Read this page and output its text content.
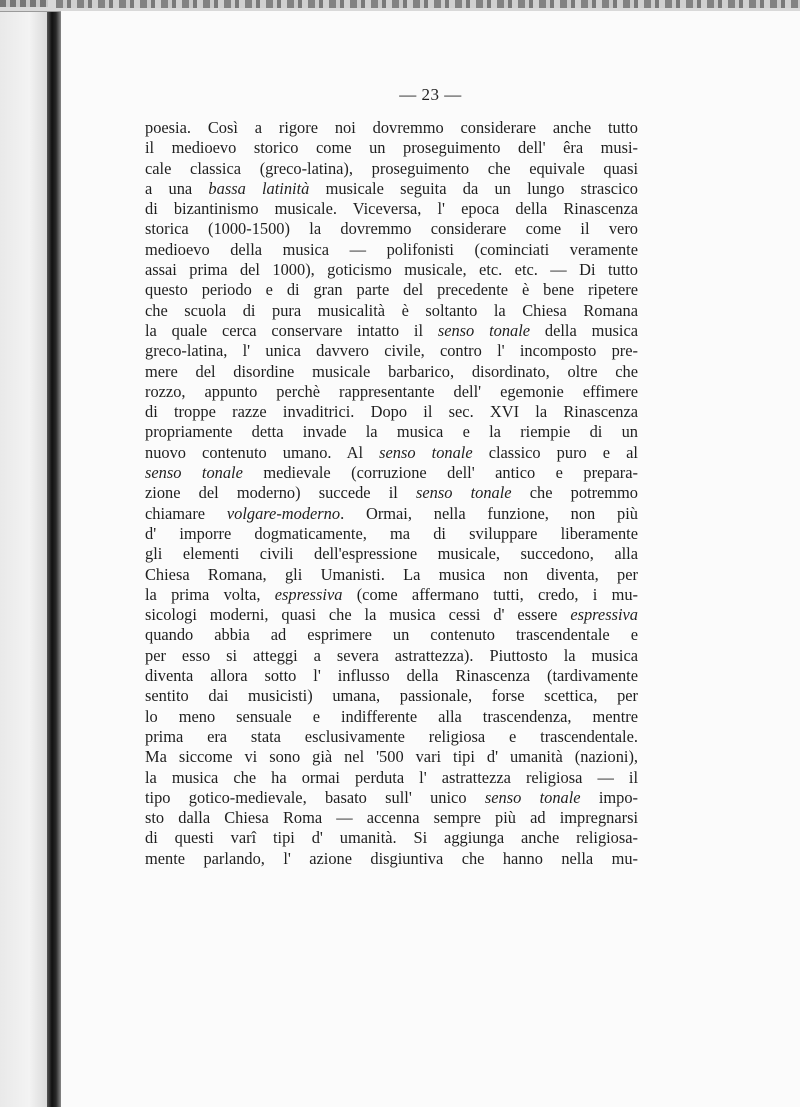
— 23 —
poesia. Così a rigore noi dovremmo considerare anche tutto
il medioevo storico come un proseguimento dell' êra musi-
cale classica (greco-latina), proseguimento che equivale quasi
a una bassa latinità musicale seguita da un lungo strascico
di bizantinismo musicale. Viceversa, l' epoca della Rinascenza
storica (1000-1500) la dovremmo considerare come il vero
medioevo della musica — polifonisti (cominciati veramente
assai prima del 1000), goticismo musicale, etc. etc. — Di tutto
questo periodo e di gran parte del precedente è bene ripetere
che scuola di pura musicalità è soltanto la Chiesa Romana
la quale cerca conservare intatto il senso tonale della musica
greco-latina, l' unica davvero civile, contro l' incomposto pre-
mere del disordine musicale barbarico, disordinato, oltre che
rozzo, appunto perchè rappresentante dell' egemonie effimere
di troppe razze invaditrici. Dopo il sec. XVI la Rinascenza
propriamente detta invade la musica e la riempie di un
nuovo contenuto umano. Al senso tonale classico puro e al
senso tonale medievale (corruzione dell' antico e prepara-
zione del moderno) succede il senso tonale che potremmo
chiamare volgare-moderno. Ormai, nella funzione, non più
d' imporre dogmaticamente, ma di sviluppare liberamente
gli elementi civili dell'espressione musicale, succedono, alla
Chiesa Romana, gli Umanisti. La musica non diventa, per
la prima volta, espressiva (come affermano tutti, credo, i mu-
sicologi moderni, quasi che la musica cessi d' essere espressiva
quando abbia ad esprimere un contenuto trascendentale e
per esso si atteggi a severa astrattezza). Piuttosto la musica
diventa allora sotto l' influsso della Rinascenza (tardivamente
sentito dai musicisti) umana, passionale, forse scettica, per
lo meno sensuale e indifferente alla trascendenza, mentre
prima era stata esclusivamente religiosa e trascendentale.
Ma siccome vi sono già nel '500 vari tipi d' umanità (nazioni),
la musica che ha ormai perduta l' astrattezza religiosa — il
tipo gotico-medievale, basato sull' unico senso tonale impo-
sto dalla Chiesa Roma — accenna sempre più ad impregnarsi
di questi varî tipi d' umanità. Si aggiunga anche religiosa-
mente parlando, l' azione disgiuntiva che hanno nella mu-
